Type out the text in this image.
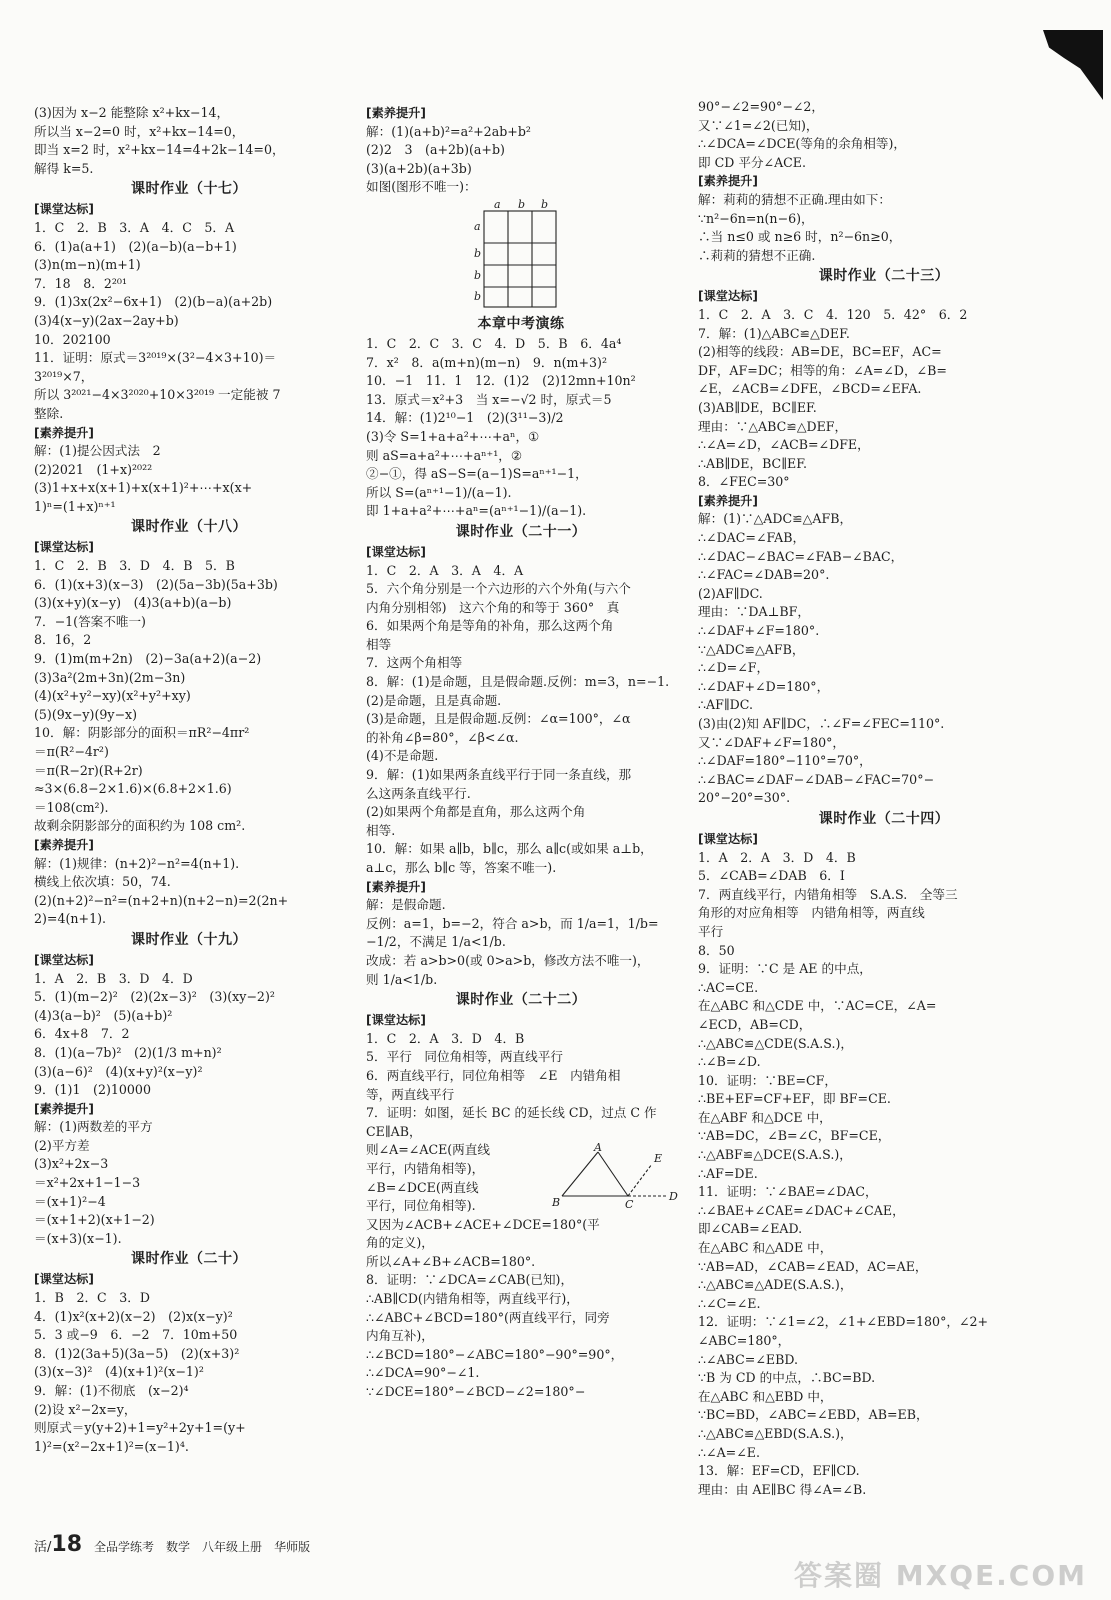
(3)因为 x−2 能整除 x²+kx−14，
所以当 x−2=0 时，x²+kx−14=0，
即当 x=2 时，x²+kx−14=4+2k−14=0，
解得 k=5.
课时作业（十七）
[课堂达标]
1．C　2．B　3．A　4．C　5．A
6．(1)a(a+1)　(2)(a−b)(a−b+1)
(3)n(m−n)(m+1)
7．18　8．2²⁰¹
9．(1)3x(2x²−6x+1)　(2)(b−a)(a+2b)
(3)4(x−y)(2ax−2ay+b)
10．202100
11．证明：原式＝3²⁰¹⁹×(3²−4×3+10)＝
3²⁰¹⁹×7，
所以 3²⁰²¹−4×3²⁰²⁰+10×3²⁰¹⁹ 一定能被 7
整除.
[素养提升]
解：(1)提公因式法　2
(2)2021　(1+x)²⁰²²
(3)1+x+x(x+1)+x(x+1)²+⋯+x(x+
1)ⁿ=(1+x)ⁿ⁺¹
课时作业（十八）
[课堂达标]
1．C　2．B　3．D　4．B　5．B
6．(1)(x+3)(x−3)　(2)(5a−3b)(5a+3b)
(3)(x+y)(x−y)　(4)3(a+b)(a−b)
7．−1(答案不唯一)
8．16，2
9．(1)m(m+2n)　(2)−3a(a+2)(a−2)
(3)3a²(2m+3n)(2m−3n)
(4)(x²+y²−xy)(x²+y²+xy)
(5)(9x−y)(9y−x)
10．解：阴影部分的面积＝πR²−4πr²
＝π(R²−4r²)
＝π(R−2r)(R+2r)
≈3×(6.8−2×1.6)×(6.8+2×1.6)
＝108(cm²).
故剩余阴影部分的面积约为 108 cm².
[素养提升]
解：(1)规律：(n+2)²−n²=4(n+1).
横线上依次填：50，74.
(2)(n+2)²−n²=(n+2+n)(n+2−n)=2(2n+
2)=4(n+1).
课时作业（十九）
[课堂达标]
1．A　2．B　3．D　4．D
5．(1)(m−2)²　(2)(2x−3)²　(3)(xy−2)²
(4)3(a−b)²　(5)(a+b)²
6．4x+8　7．2
8．(1)(a−7b)²　(2)(1/3 m+n)²
(3)(a−6)²　(4)(x+y)²(x−y)²
9．(1)1　(2)10000
[素养提升]
解：(1)两数差的平方
(2)平方差
(3)x²+2x−3
＝x²+2x+1−1−3
＝(x+1)²−4
＝(x+1+2)(x+1−2)
＝(x+3)(x−1).
课时作业（二十）
[课堂达标]
1．B　2．C　3．D
4．(1)x²(x+2)(x−2)　(2)x(x−y)²
5．3 或−9　6．−2　7．10m+50
8．(1)2(3a+5)(3a−5)　(2)(x+3)²
(3)(x−3)²　(4)(x+1)²(x−1)²
9．解：(1)不彻底　(x−2)⁴
(2)设 x²−2x=y，
则原式＝y(y+2)+1=y²+2y+1=(y+
1)²=(x²−2x+1)²=(x−1)⁴.
[素养提升]
解：(1)(a+b)²=a²+2ab+b²
(2)2　3　(a+2b)(a+b)
(3)(a+2b)(a+3b)
如图(图形不唯一)：
a b b
a
b
b
b
本章中考演练
1．C　2．C　3．C　4．D　5．B　6．4a⁴
7．x²　8．a(m+n)(m−n)　9．n(m+3)²
10．−1　11．1　12．(1)2　(2)12mn+10n²
13．原式＝x²+3　当 x=−√2 时，原式＝5
14．解：(1)2¹⁰−1　(2)(3¹¹−3)/2
(3)令 S=1+a+a²+⋯+aⁿ，①
则 aS=a+a²+⋯+aⁿ⁺¹，②
②−①，得 aS−S=(a−1)S=aⁿ⁺¹−1，
所以 S=(aⁿ⁺¹−1)/(a−1).
即 1+a+a²+⋯+aⁿ=(aⁿ⁺¹−1)/(a−1).
课时作业（二十一）
[课堂达标]
1．C　2．A　3．A　4．A
5．六个角分别是一个六边形的六个外角(与六个
内角分别相邻)　这六个角的和等于 360°　真
6．如果两个角是等角的补角，那么这两个角
相等
7．这两个角相等
8．解：(1)是命题，且是假命题.反例：m=3，n=−1.
(2)是命题，且是真命题.
(3)是命题，且是假命题.反例：∠α=100°，∠α
的补角∠β=80°，∠β<∠α.
(4)不是命题.
9．解：(1)如果两条直线平行于同一条直线，那
么这两条直线平行.
(2)如果两个角都是直角，那么这两个角
相等.
10．解：如果 a∥b，b∥c，那么 a∥c(或如果 a⊥b，
a⊥c，那么 b∥c 等，答案不唯一).
[素养提升]
解：是假命题.
反例：a=1，b=−2，符合 a>b，而 1/a=1，1/b=
−1/2，不满足 1/a<1/b.
改成：若 a>b>0(或 0>a>b，修改方法不唯一)，
则 1/a<1/b.
课时作业（二十二）
[课堂达标]
1．C　2．A　3．D　4．B
5．平行　同位角相等，两直线平行
6．两直线平行，同位角相等　∠E　内错角相
等，两直线平行
7．证明：如图，延长 BC 的延长线 CD，过点 C 作
CE∥AB，
则∠A=∠ACE(两直线
平行，内错角相等)，
∠B=∠DCE(两直线
平行，同位角相等).
又因为∠ACB+∠ACE+∠DCE=180°(平
角的定义)，
所以∠A+∠B+∠ACB=180°.
8．证明：∵∠DCA=∠CAB(已知)，
∴AB∥CD(内错角相等，两直线平行)，
∴∠ABC+∠BCD=180°(两直线平行，同旁
内角互补)，
∴∠BCD=180°−∠ABC=180°−90°=90°，
∴∠DCA=90°−∠1.
∵∠DCE=180°−∠BCD−∠2=180°−
A
E
B	C
D
90°−∠2=90°−∠2，
又∵∠1=∠2(已知)，
∴∠DCA=∠DCE(等角的余角相等)，
即 CD 平分∠ACE.
[素养提升]
解：莉莉的猜想不正确.理由如下：
∵n²−6n=n(n−6)，
∴当 n≤0 或 n≥6 时，n²−6n≥0，
∴莉莉的猜想不正确.
课时作业（二十三）
[课堂达标]
1．C　2．A　3．C　4．120　5．42°　6．2
7．解：(1)△ABC≌△DEF.
(2)相等的线段：AB=DE，BC=EF，AC=
DF，AF=DC；相等的角：∠A=∠D，∠B=
∠E，∠ACB=∠DFE，∠BCD=∠EFA.
(3)AB∥DE，BC∥EF.
理由：∵△ABC≌△DEF，
∴∠A=∠D，∠ACB=∠DFE，
∴AB∥DE，BC∥EF.
8．∠FEC=30°
[素养提升]
解：(1)∵△ADC≌△AFB，
∴∠DAC=∠FAB，
∴∠DAC−∠BAC=∠FAB−∠BAC，
∴∠FAC=∠DAB=20°.
(2)AF∥DC.
理由：∵DA⊥BF，
∴∠DAF+∠F=180°.
∵△ADC≌△AFB，
∴∠D=∠F，
∴∠DAF+∠D=180°，
∴AF∥DC.
(3)由(2)知 AF∥DC，∴∠F=∠FEC=110°.
又∵∠DAF+∠F=180°，
∴∠DAF=180°−110°=70°，
∴∠BAC=∠DAF−∠DAB−∠FAC=70°−
20°−20°=30°.
课时作业（二十四）
[课堂达标]
1．A　2．A　3．D　4．B
5．∠CAB=∠DAB　6．Ⅰ
7．两直线平行，内错角相等　S.A.S.　全等三
角形的对应角相等　内错角相等，两直线
平行
8．50
9．证明：∵C 是 AE 的中点，
∴AC=CE.
在△ABC 和△CDE 中，∵AC=CE，∠A=
∠ECD，AB=CD，
∴△ABC≌△CDE(S.A.S.)，
∴∠B=∠D.
10．证明：∵BE=CF，
∴BE+EF=CF+EF，即 BF=CE.
在△ABF 和△DCE 中，
∵AB=DC，∠B=∠C，BF=CE，
∴△ABF≌△DCE(S.A.S.)，
∴AF=DE.
11．证明：∵∠BAE=∠DAC，
∴∠BAE+∠CAE=∠DAC+∠CAE，
即∠CAB=∠EAD.
在△ABC 和△ADE 中，
∵AB=AD，∠CAB=∠EAD，AC=AE，
∴△ABC≌△ADE(S.A.S.)，
∴∠C=∠E.
12．证明：∵∠1=∠2，∠1+∠EBD=180°，∠2+
∠ABC=180°，
∴∠ABC=∠EBD.
∵B 为 CD 的中点，∴BC=BD.
在△ABC 和△EBD 中，
∵BC=BD，∠ABC=∠EBD，AB=EB，
∴△ABC≌△EBD(S.A.S.)，
∴∠A=∠E.
13．解：EF=CD，EF∥CD.
理由：由 AE∥BC 得∠A=∠B.
活/18 全品学练考 数学 八年级上册 华师版
答案圈 MXQE.COM
